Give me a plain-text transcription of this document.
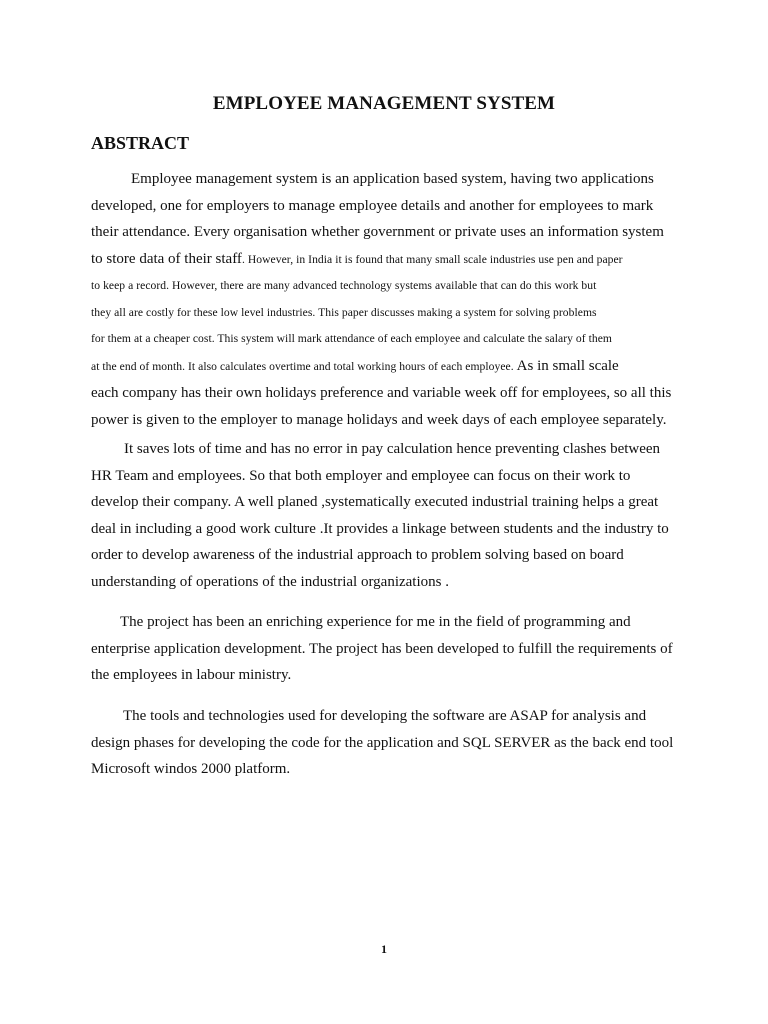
EMPLOYEE MANAGEMENT SYSTEM
ABSTRACT
Employee management system is an application based system, having two applications
developed, one for employers to manage employee details and another for employees to mark
their attendance. Every organisation whether government or private uses an information system
to store data of their staff. However, in India it is found that many small scale industries use pen and paper
to keep a record. However, there are many advanced technology systems available that can do this work but
they all are costly for these low level industries. This paper discusses making a system for solving problems
for them at a cheaper cost. This system will mark attendance of each employee and calculate the salary of them
at the end of month. It also calculates overtime and total working hours of each employee. As in small scale
each company has their own holidays preference and variable week off for employees, so all this
power is given to the employer to manage holidays and week days of each employee separately.
It saves lots of time and has no error in pay calculation hence preventing clashes between
HR Team and employees. So that both employer and employee can focus on their work to
develop their company. A well planed ,systematically executed industrial training helps a great
deal in including a good work culture .It provides a linkage between students and the industry to
order to develop awareness of the industrial approach to problem solving based on board
understanding of operations of the industrial organizations .
The project has been an enriching experience for me in the field of programming and
enterprise application development. The project has been developed to fulfill the requirements of
the employees in labour ministry.
The tools and technologies used for developing the software are ASAP for analysis and
design phases for developing the code for the application and SQL SERVER as the back end tool
Microsoft windos 2000 platform.
1
